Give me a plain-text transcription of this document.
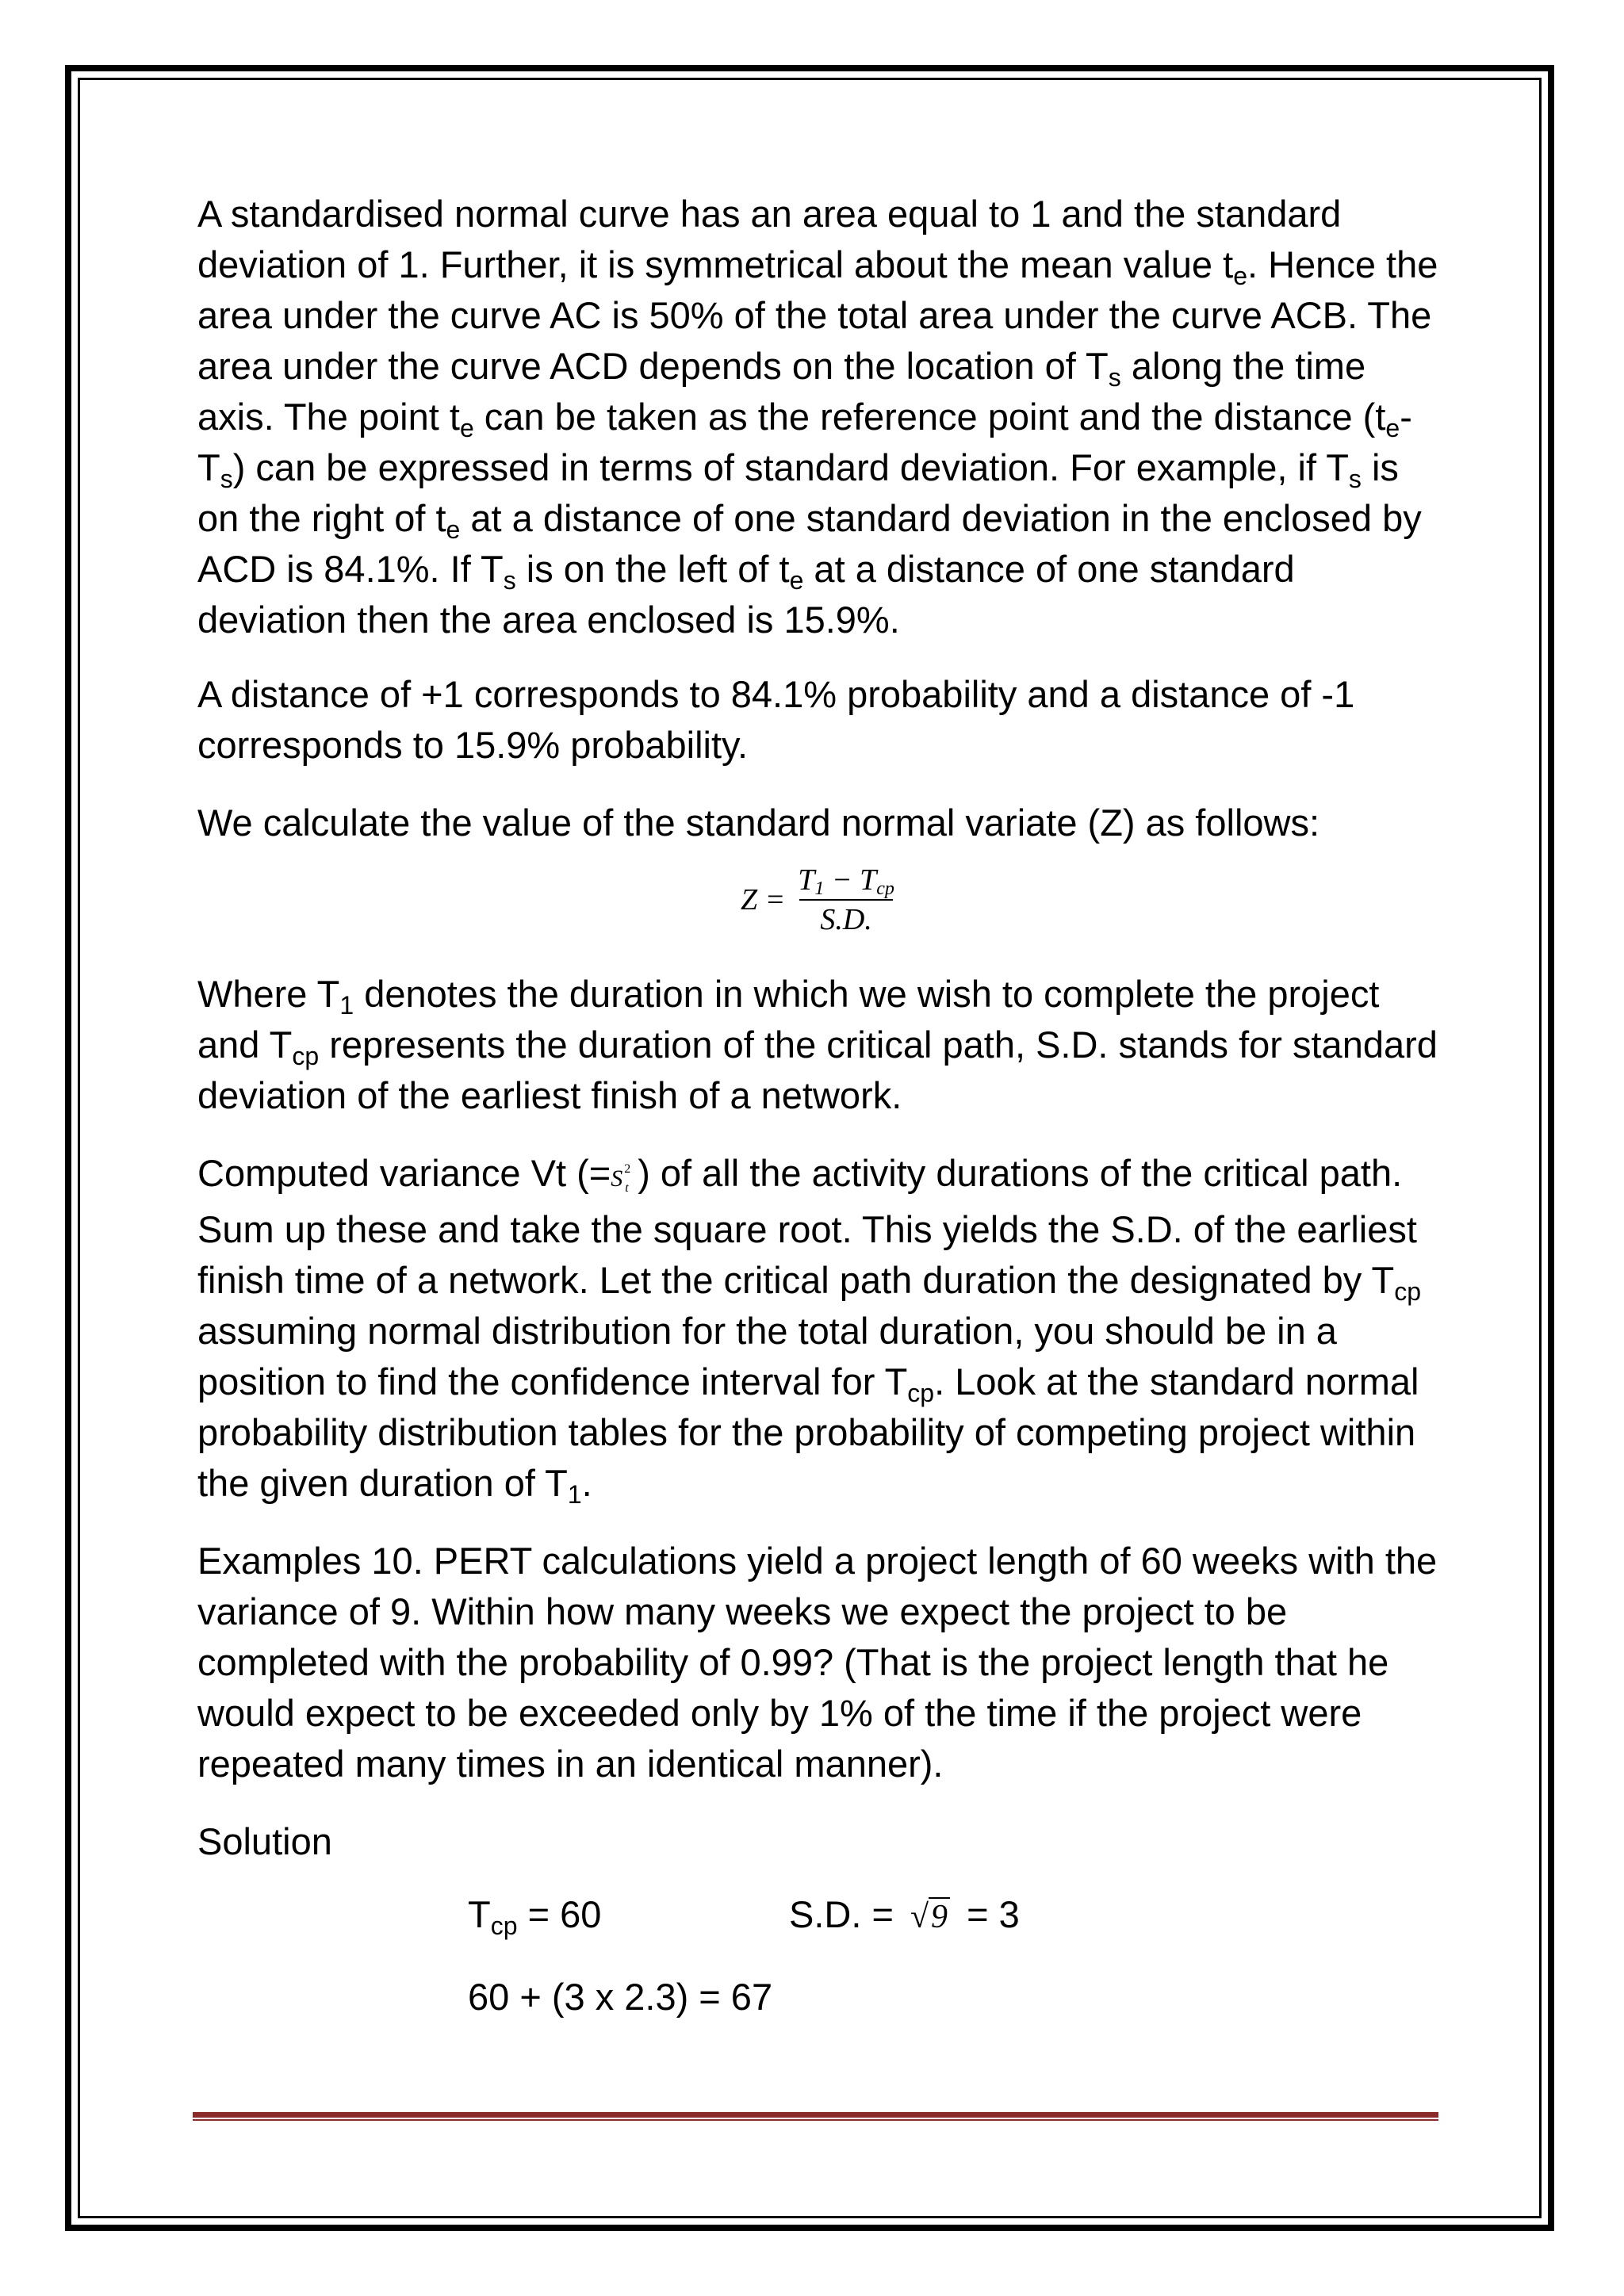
A standardised normal curve has an area equal to 1 and the standard deviation of 1. Further, it is symmetrical about the mean value $t_e$. Hence the area under the curve AC is 50% of the total area under the curve ACB. The area under the curve ACD depends on the location of $T_s$ along the time axis. The point $t_e$ can be taken as the reference point and the distance ($t_e-$ $T_s$) can be expressed in terms of standard deviation. For example, if $T_s$ is on the right of $t_e$ at a distance of one standard deviation in the enclosed by ACD is 84.1%. If $T_s$ is on the left of $t_e$ at a distance of one standard deviation then the area enclosed is 15.9%.

A distance of +1 corresponds to 84.1% probability and a distance of -1 corresponds to 15.9% probability.

We calculate the value of the standard normal variate (Z) as follows:

$Z = \frac{T_1 - T_{cp}}{S.D.}$

Where $T_1$ denotes the duration in which we wish to complete the project and $T_{cp}$ represents the duration of the critical path, S.D. stands for standard deviation of the earliest finish of a network.

Computed variance Vt (=S 2
t ) of all the activity durations of the critical path. Sum up these and take the square root. This yields the S.D. of the earliest finish time of a network. Let the critical path duration the designated by $T_{cp}$ assuming normal distribution for the total duration, you should be in a position to find the confidence interval for $T_{cp}$. Look at the standard normal probability distribution tables for the probability of competing project within the given duration of $T_1$.

Examples 10. PERT calculations yield a project length of 60 weeks with the variance of 9. Within how many weeks we expect the project to be completed with the probability of 0.99? (That is the project length that he would expect to be exceeded only by 1% of the time if the project were repeated many times in an identical manner).

Solution

$T_{cp} = 60$	S.D. = √9 = 3
60 + (3 x 2.3) = 67
